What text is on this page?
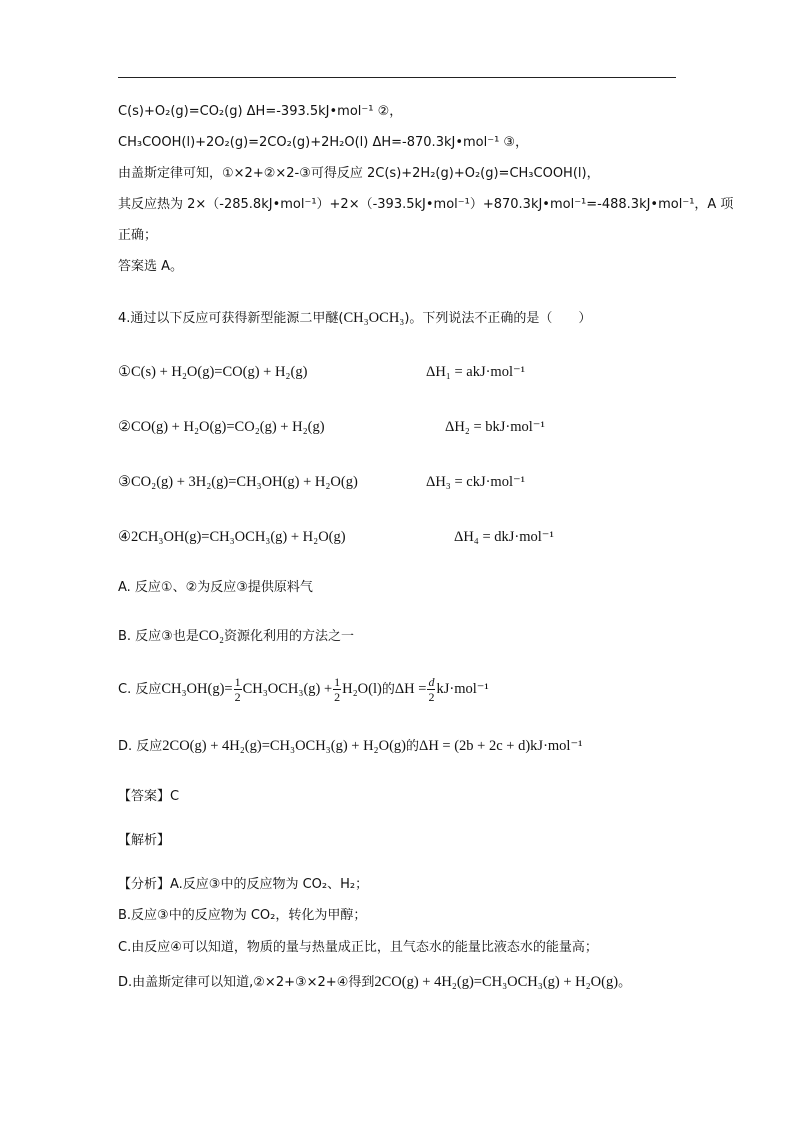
C(s)+O₂(g)=CO₂(g) ΔH=-393.5kJ•mol⁻¹ ②，
CH₃COOH(l)+2O₂(g)=2CO₂(g)+2H₂O(l) ΔH=-870.3kJ•mol⁻¹ ③，
由盖斯定律可知，①×2+②×2-③可得反应 2C(s)+2H₂(g)+O₂(g)=CH₃COOH(l)，
其反应热为 2×（-285.8kJ•mol⁻¹）+2×（-393.5kJ•mol⁻¹）+870.3kJ•mol⁻¹=-488.3kJ•mol⁻¹，A 项
正确；
答案选 A。
4.通过以下反应可获得新型能源二甲醚(CH₃OCH₃)。下列说法不正确的是（　　）
①C(s) + H₂O(g)=CO(g) + H₂(g)	ΔH₁ = akJ·mol⁻¹
②CO(g) + H₂O(g)=CO₂(g) + H₂(g)	ΔH₂ = bkJ·mol⁻¹
③CO₂(g) + 3H₂(g)=CH₃OH(g) + H₂O(g)	ΔH₃ = ckJ·mol⁻¹
④2CH₃OH(g)=CH₃OCH₃(g) + H₂O(g)	ΔH₄ = dkJ·mol⁻¹
A. 反应①、②为反应③提供原料气
B. 反应③也是CO₂资源化利用的方法之一
C. 反应$CH_3OH(g)= \frac{1}{2} CH_3OCH_3(g) + \frac{1}{2} H_2O(l)$的$\Delta H = \frac{d}{2} kJ\cdot mol^{-1}$
D. 反应2CO(g) + 4H₂(g)=CH₃OCH₃(g) + H₂O(g)的ΔH = (2b + 2c + d)kJ·mol⁻¹
【答案】C
【解析】
【分析】A.反应③中的反应物为 CO₂、H₂；
B.反应③中的反应物为 CO₂，转化为甲醇；
C.由反应④可以知道，物质的量与热量成正比，且气态水的能量比液态水的能量高；
D.由盖斯定律可以知道,②×2+③×2+④得到2CO(g) + 4H₂(g)=CH₃OCH₃(g) + H₂O(g)。
